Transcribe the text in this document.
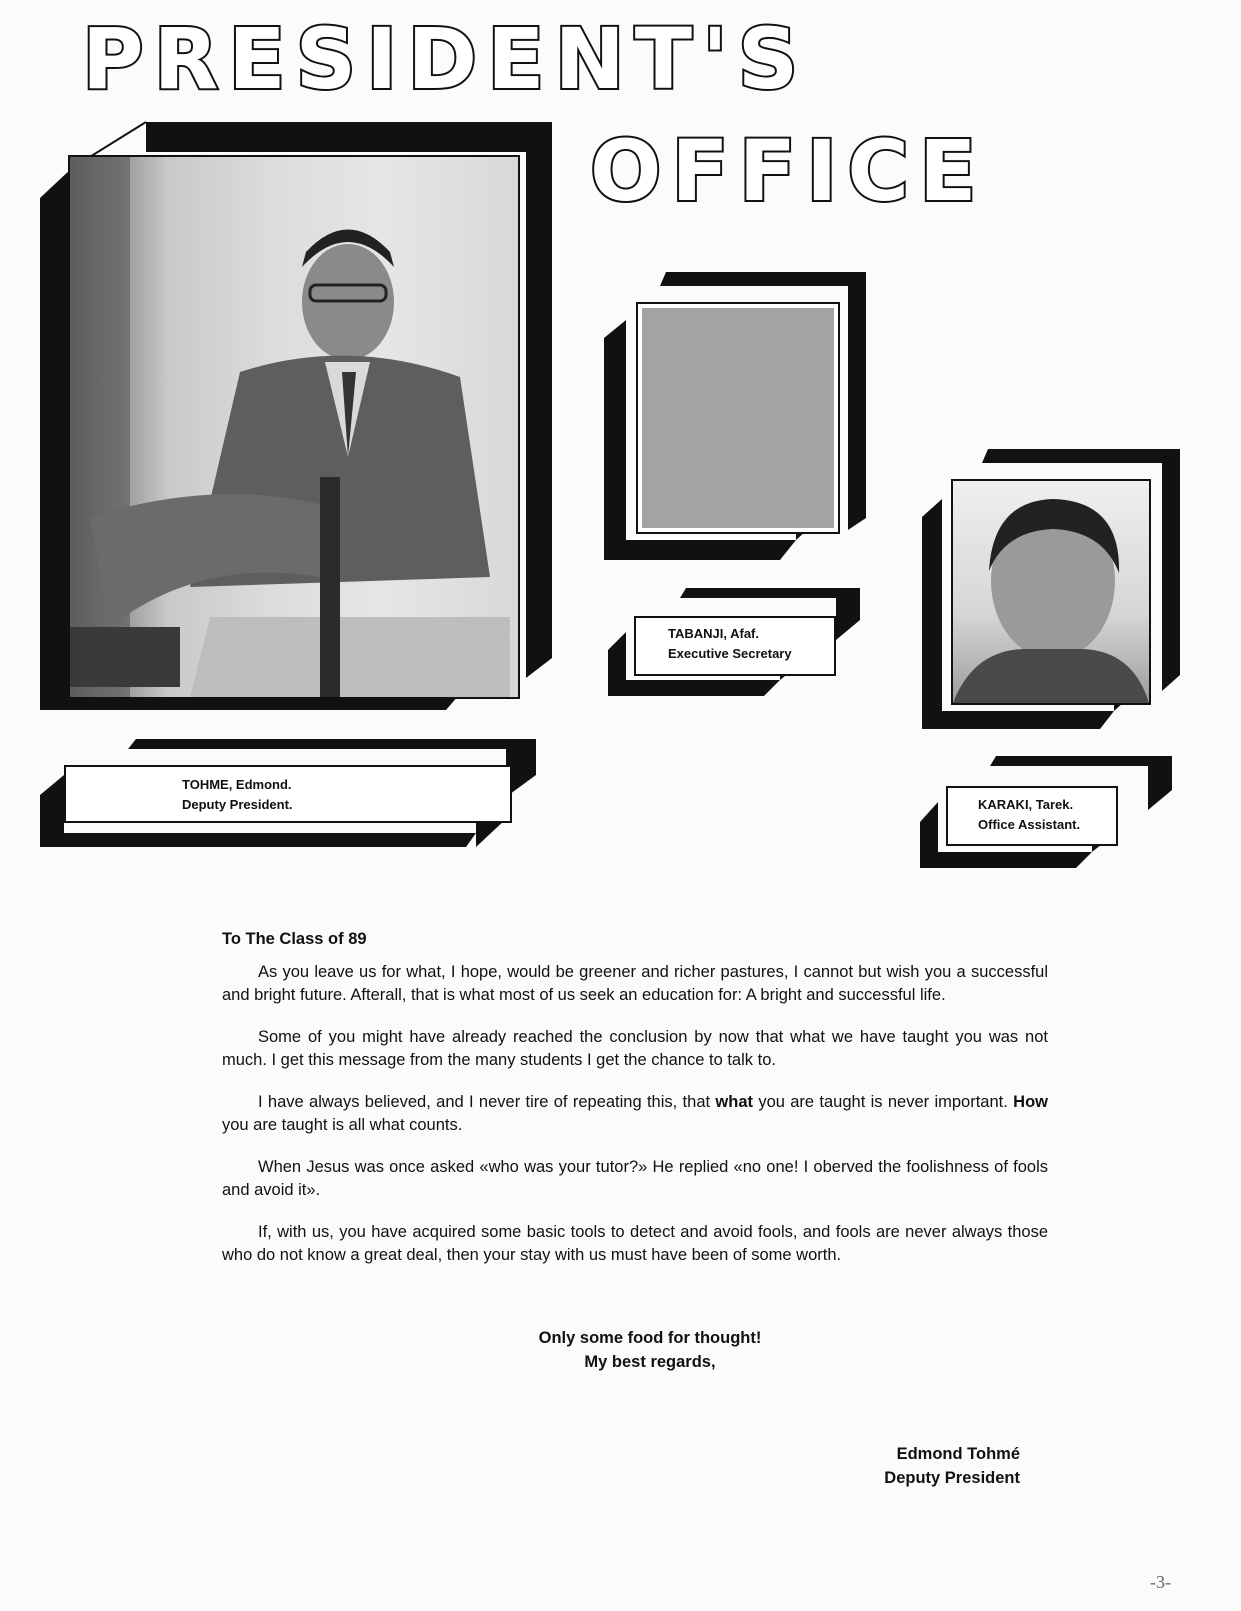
PRESIDENT'S
OFFICE
TOHME, Edmond.
Deputy President.
TABANJI, Afaf.
Executive Secretary
KARAKI, Tarek.
Office Assistant.
To The Class of 89

As you leave us for what, I hope, would be greener and richer pastures, I cannot but wish you a successful and bright future. Afterall, that is what most of us seek an education for: A bright and successful life.

Some of you might have already reached the conclusion by now that what we have taught you was not much. I get this message from the many students I get the chance to talk to.

I have always believed, and I never tire of repeating this, that what you are taught is never important. How you are taught is all what counts.

When Jesus was once asked «who was your tutor?» He replied «no one! I oberved the foolishness of fools and avoid it».

If, with us, you have acquired some basic tools to detect and avoid fools, and fools are never always those who do not know a great deal, then your stay with us must have been of some worth.

Only some food for thought!
My best regards,
Edmond Tohmé
Deputy President
-3-
